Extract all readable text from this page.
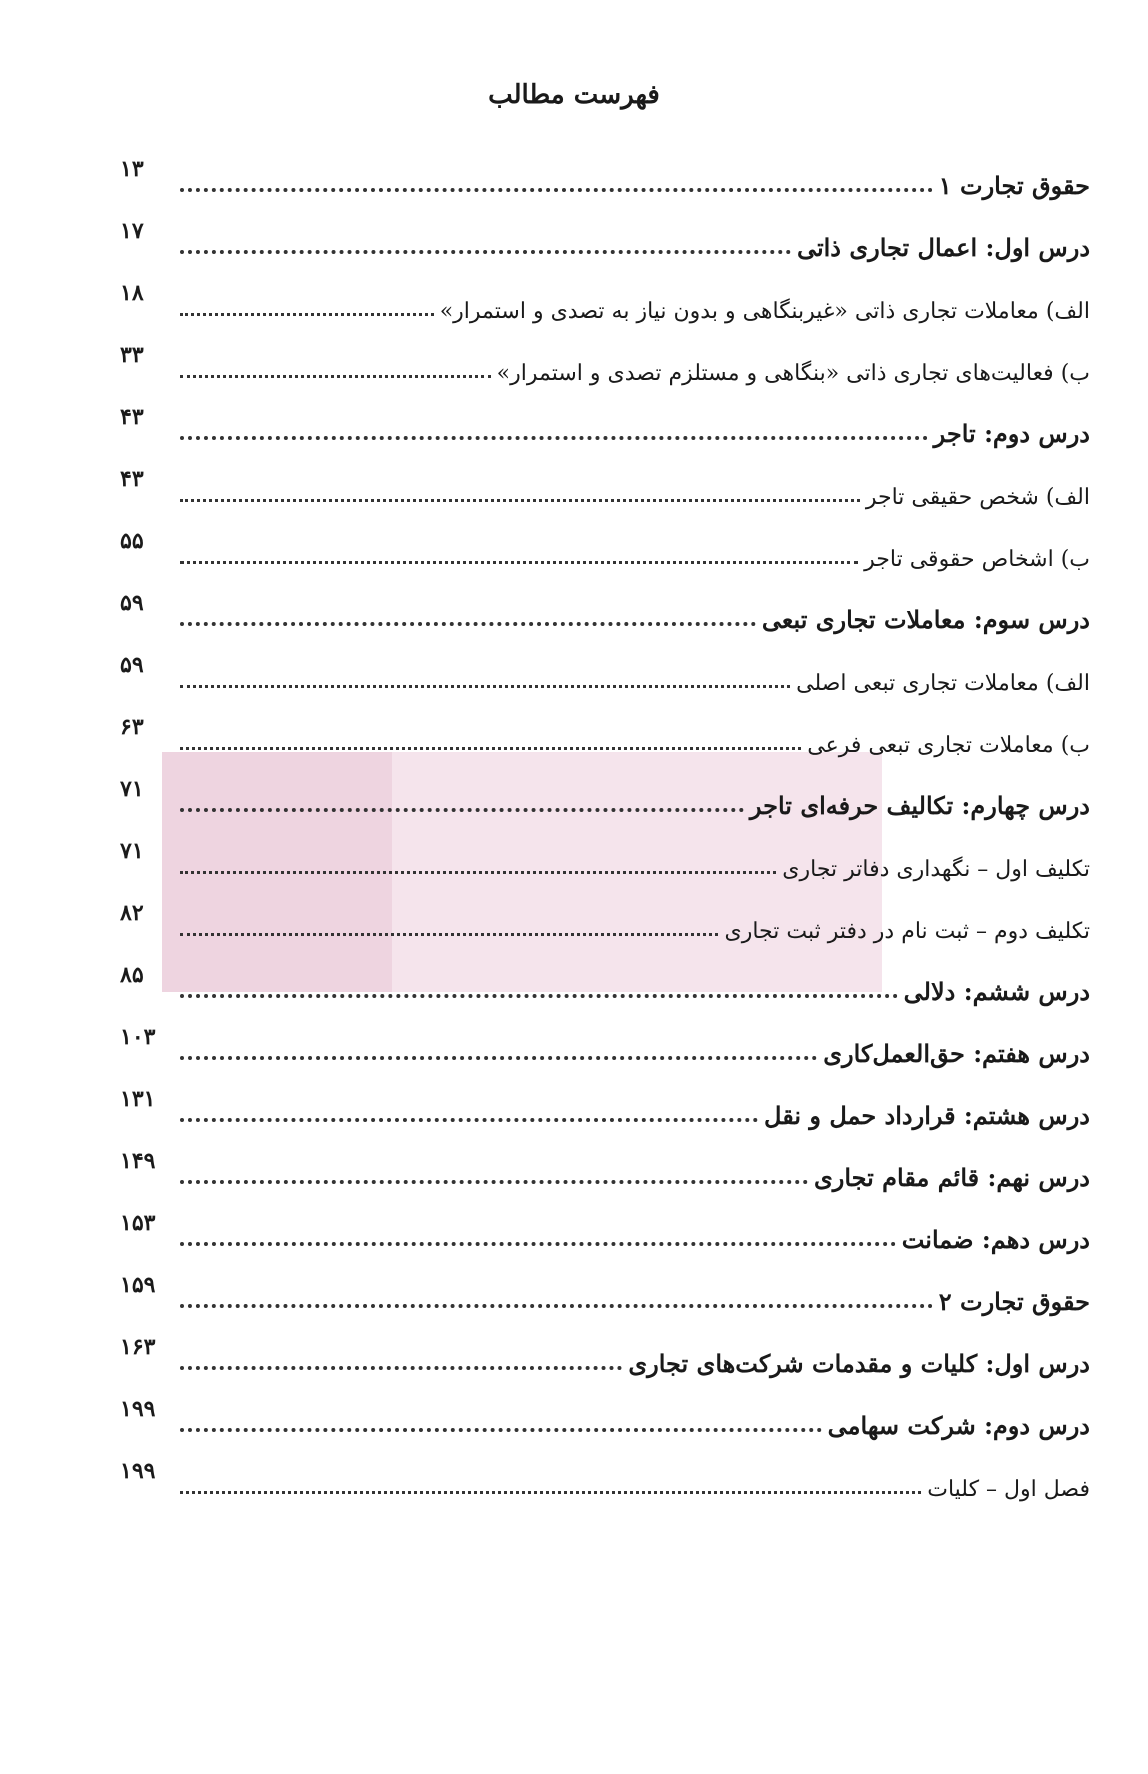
فهرست مطالب
حقوق تجارت ۱
۱۳
درس اول: اعمال تجاری ذاتی
۱۷
الف) معاملات تجاری ذاتی «غیربنگاهی و بدون نیاز به تصدی و استمرار»
۱۸
ب) فعالیت‌های تجاری ذاتی «بنگاهی و مستلزم تصدی و استمرار»
۳۳
درس دوم: تاجر
۴۳
الف) شخص حقیقی تاجر
۴۳
ب) اشخاص حقوقی تاجر
۵۵
درس سوم: معاملات تجاری تبعی
۵۹
الف) معاملات تجاری تبعی اصلی
۵۹
ب) معاملات تجاری تبعی فرعی
۶۳
درس چهارم: تکالیف حرفه‌ای تاجر
۷۱
تکلیف اول – نگهداری دفاتر تجاری
۷۱
تکلیف دوم – ثبت نام در دفتر ثبت تجاری
۸۲
درس ششم: دلالی
۸۵
درس هفتم: حق‌العمل‌کاری
۱۰۳
درس هشتم: قرارداد حمل و نقل
۱۳۱
درس نهم: قائم مقام تجاری
۱۴۹
درس دهم: ضمانت
۱۵۳
حقوق تجارت ۲
۱۵۹
درس اول: کلیات و مقدمات شرکت‌های تجاری
۱۶۳
درس دوم: شرکت سهامی
۱۹۹
فصل اول – کلیات
۱۹۹
